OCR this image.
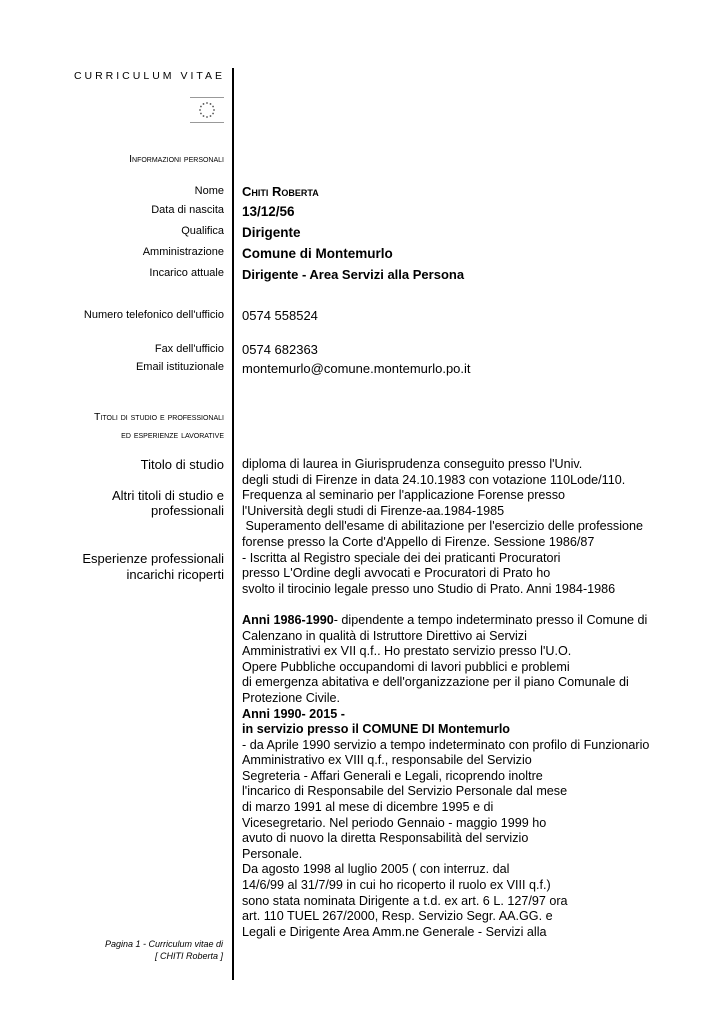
CURRICULUM VITAE
Informazioni personali
Nome Chiti Roberta
Data di nascita 13/12/56
Qualifica Dirigente
Amministrazione Comune di Montemurlo
Incarico attuale Dirigente - Area Servizi alla Persona
Numero telefonico dell'ufficio 0574 558524
Fax dell'ufficio 0574 682363
Email istituzionale montemurlo@comune.montemurlo.po.it
Titoli di studio e professionali
ed esperienze lavorative
Titolo di studio
Altri titoli di studio e
professionali
Esperienze professionali
incarichi ricoperti
diploma di laurea in Giurisprudenza conseguito presso l'Univ.
degli studi di Firenze in data 24.10.1983 con votazione 110Lode/110.
Frequenza al seminario per l'applicazione Forense presso
l'Università degli studi di Firenze-aa.1984-1985
Superamento dell'esame di abilitazione per l'esercizio delle professione
forense presso la Corte d'Appello di Firenze. Sessione 1986/87
- Iscritta al Registro speciale dei dei praticanti Procuratori
presso L'Ordine degli avvocati e Procuratori di Prato ho
svolto il tirocinio legale presso uno Studio di Prato. Anni 1984-1986
Anni 1986-1990- dipendente a tempo indeterminato presso il Comune di
Calenzano in qualità di Istruttore Direttivo ai Servizi
Amministrativi ex VII q.f.. Ho prestato servizio presso l'U.O.
Opere Pubbliche occupandomi di lavori pubblici e problemi
di emergenza abitativa e dell'organizzazione per il piano Comunale di
Protezione Civile.
Anni 1990- 2015 -
in servizio presso il COMUNE DI Montemurlo
- da Aprile 1990 servizio a tempo indeterminato con profilo di Funzionario
Amministrativo ex VIII q.f., responsabile del Servizio
Segreteria - Affari Generali e Legali, ricoprendo inoltre
l'incarico di Responsabile del Servizio Personale dal mese
di marzo 1991 al mese di dicembre 1995 e di
Vicesegretario. Nel periodo Gennaio - maggio 1999 ho
avuto di nuovo la diretta Responsabilità del servizio
Personale.
Da agosto 1998 al luglio 2005 ( con interruz. dal
14/6/99 al 31/7/99 in cui ho ricoperto il ruolo ex VIII q.f.)
sono stata nominata Dirigente a t.d. ex art. 6 L. 127/97 ora
art. 110 TUEL 267/2000, Resp. Servizio Segr. AA.GG. e
Legali e Dirigente Area Amm.ne Generale - Servizi alla
Pagina 1 - Curriculum vitae di
[ CHITI Roberta ]
